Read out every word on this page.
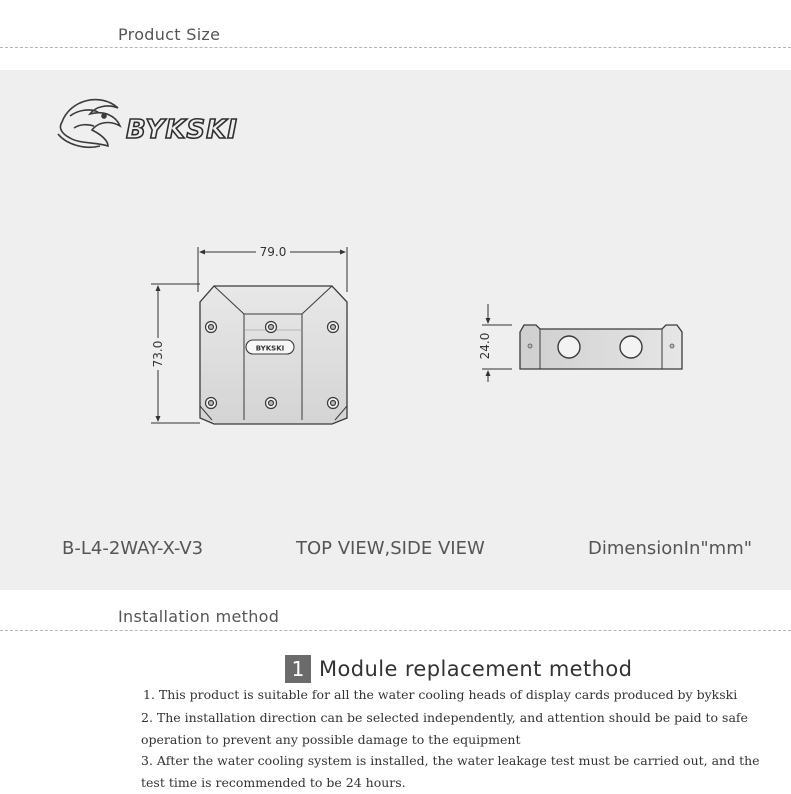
Product Size
BYKSKI
79.0
73.0	BYKSKI	24.0
B-L4-2WAY-X-V3	TOP VIEW,SIDE VIEW	DimensionIn"mm"
Installation method
1 Module replacement method
1. This product is suitable for all the water cooling heads of display cards produced by bykski
2. The installation direction can be selected independently, and attention should be paid to safe
operation to prevent any possible damage to the equipment
3. After the water cooling system is installed, the water leakage test must be carried out, and the
test time is recommended to be 24 hours.
